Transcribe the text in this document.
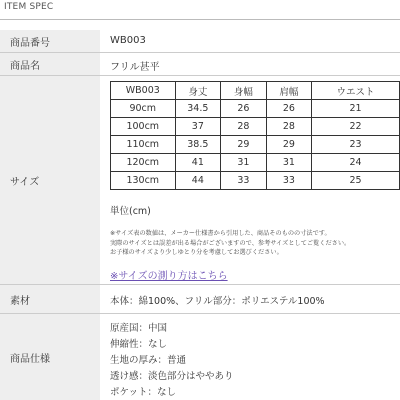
ITEM SPEC
商品番号	WB003
商品名	フリル甚平
サイズ
WB003	身丈	身幅	肩幅	ウエスト
90cm	34.5	26	26	21
100cm	37	28	28	22
110cm	38.5	29	29	23
120cm	41	31	31	24
130cm	44	33	33	25
単位(cm)
※サイズ表の数値は、メーカー仕様書から引用した、商品そのものの寸法です。
実際のサイズとは誤差が出る場合がございますので、参考サイズとしてご覧ください。
お子様のサイズより少しゆとり分を考慮してお選びください。
※サイズの測り方はこちら
素材	本体：綿100%、フリル部分：ポリエステル100%
商品仕様
原産国：中国
伸縮性：なし
生地の厚み：普通
透け感：淡色部分はややあり
ポケット：なし
